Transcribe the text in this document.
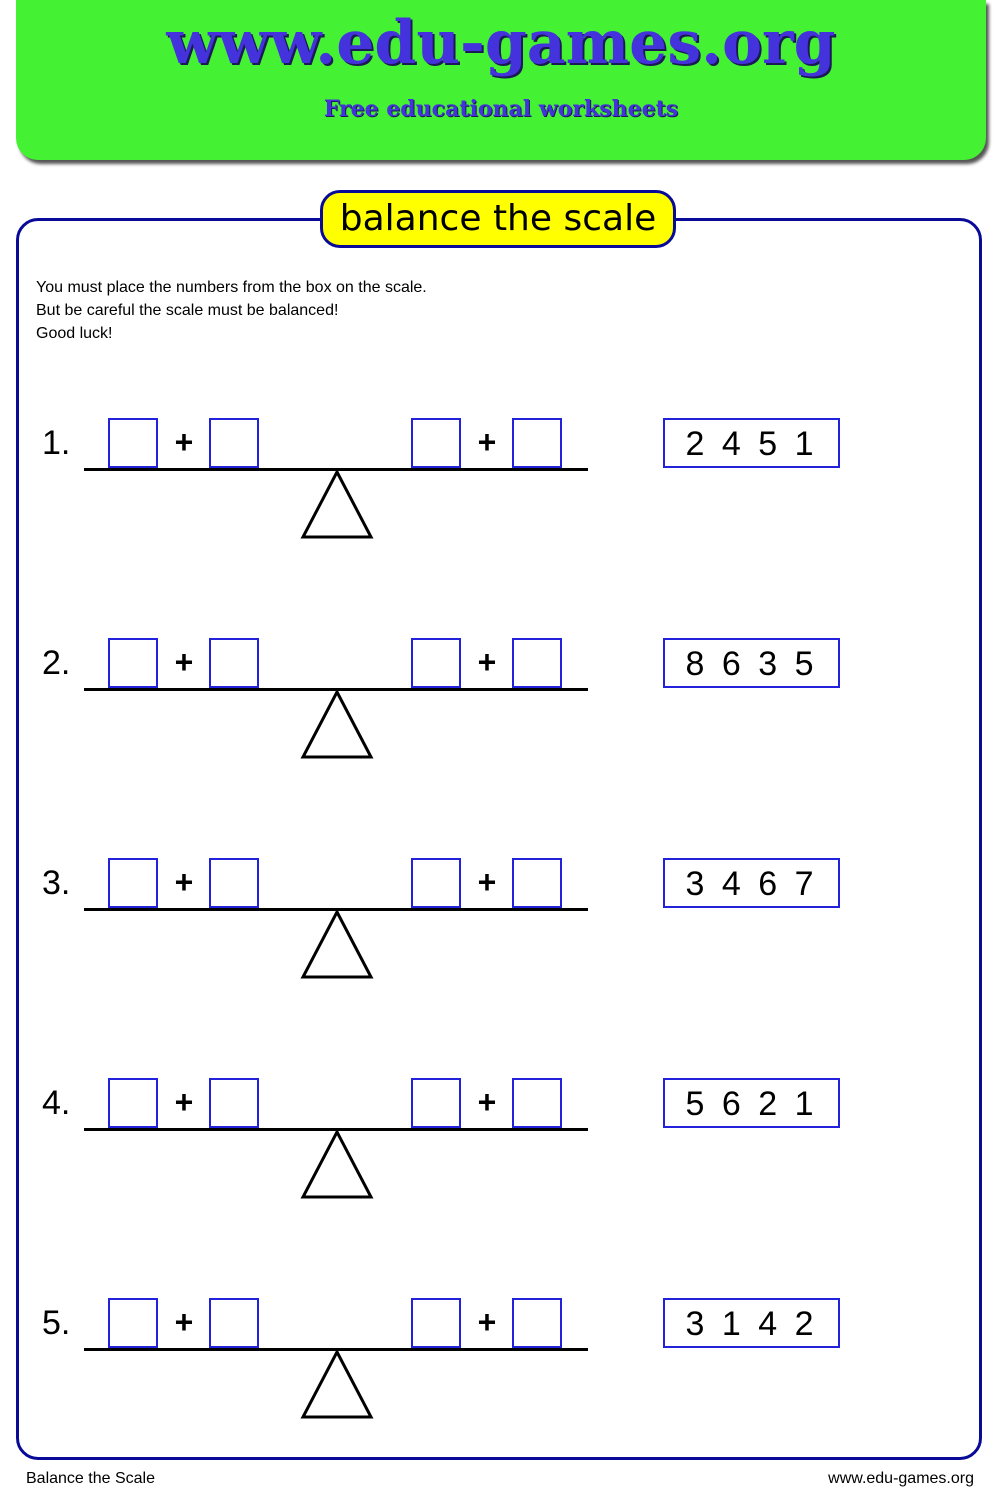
www.edu-games.org
Free educational worksheets
balance the scale
You must place the numbers from the box on the scale.
But be careful the scale must be balanced!
Good luck!
1.	+	+	2 4 5 1
2.	+	+	8 6 3 5
3.	+	+	3 4 6 7
4.	+	+	5 6 2 1
5.	+	+	3 1 4 2
Balance the Scale	www.edu-games.org
